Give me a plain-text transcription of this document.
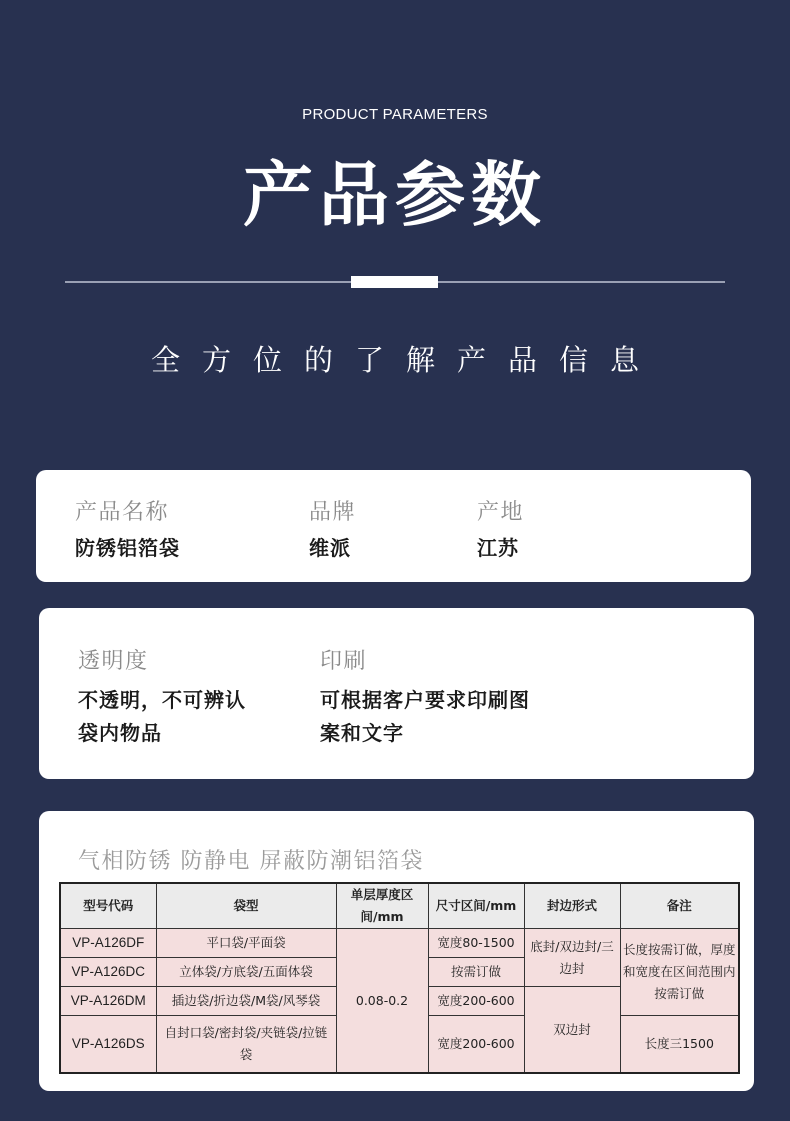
PRODUCT PARAMETERS
产品参数
全方位的了解产品信息
产品名称
防锈铝箔袋
品牌
维派
产地
江苏
透明度
不透明，不可辨认
袋内物品
印刷
可根据客户要求印刷图
案和文字
气相防锈 防静电 屏蔽防潮铝箔袋
型号代码	袋型	单层厚度区间/mm	尺寸区间/mm	封边形式	备注
VP-A126DF	平口袋/平面袋	0.08-0.2	宽度80-1500	底封/双边封/三边封	长度按需订做，厚度和宽度在区间范围内按需订做
VP-A126DC	立体袋/方底袋/五面体袋		按需订做		
VP-A126DM	插边袋/折边袋/M袋/风琴袋		宽度200-600	双边封	
VP-A126DS	自封口袋/密封袋/夹链袋/拉链袋		宽度200-600		长度三1500
